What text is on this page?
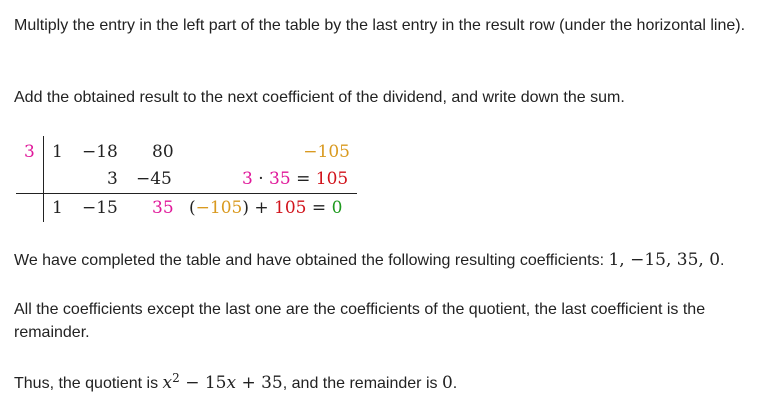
Multiply the entry in the left part of the table by the last entry in the result row (under the horizontal line).

Add the obtained result to the next coefficient of the dividend, and write down the sum.

3 1 −18 80	−105
3 −45	3 · 35 = 105
1 −15 35 (−105) + 105 = 0

We have completed the table and have obtained the following resulting coefficients: 1, −15, 35, 0.

All the coefficients except the last one are the coefficients of the quotient, the last coefficient is the remainder.

Thus, the quotient is $x^2 - 15x + 35$, and the remainder is 0.
